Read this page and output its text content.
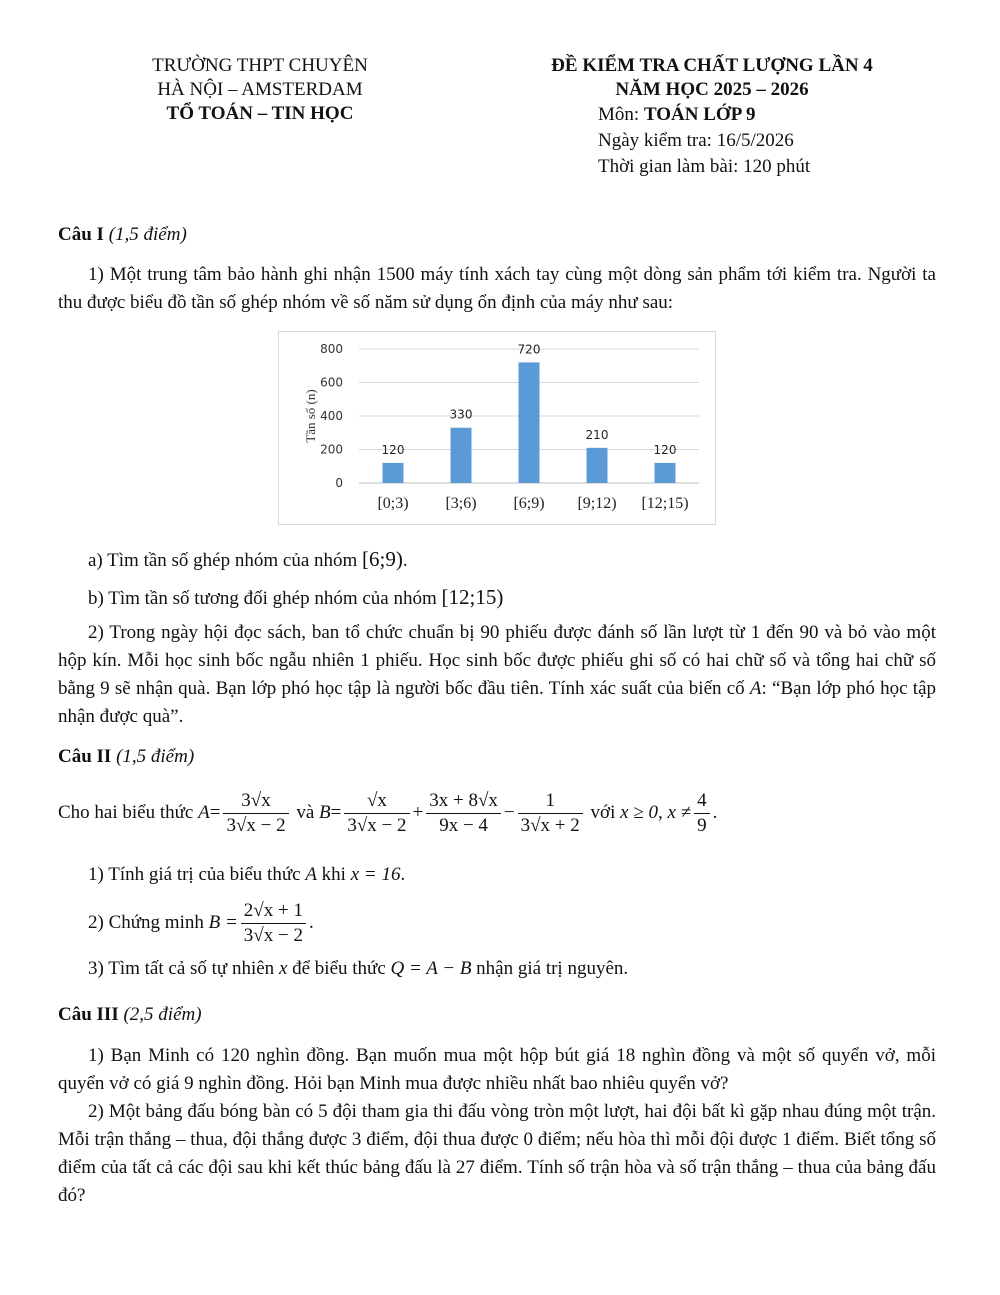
TRƯỜNG THPT CHUYÊN
HÀ NỘI – AMSTERDAM
TỔ TOÁN – TIN HỌC
ĐỀ KIỂM TRA CHẤT LƯỢNG LẦN 4
NĂM HỌC 2025 – 2026
Môn: TOÁN LỚP 9
Ngày kiểm tra: 16/5/2026
Thời gian làm bài: 120 phút
Câu I (1,5 điểm)
1) Một trung tâm bảo hành ghi nhận 1500 máy tính xách tay cùng một dòng sản phẩm tới kiểm tra. Người ta thu được biểu đồ tần số ghép nhóm về số năm sử dụng ổn định của máy như sau:
0
200
400
600
800
Tần số (n)
120
[0;3)
330
[3;6)
720
[6;9)
210
[9;12)
120
[12;15)
a) Tìm tần số ghép nhóm của nhóm [6;9).
b) Tìm tần số tương đối ghép nhóm của nhóm [12;15)
2) Trong ngày hội đọc sách, ban tổ chức chuẩn bị 90 phiếu được đánh số lần lượt từ 1 đến 90 và bỏ vào một hộp kín. Mỗi học sinh bốc ngẫu nhiên 1 phiếu. Học sinh bốc được phiếu ghi số có hai chữ số và tổng hai chữ số bằng 9 sẽ nhận quà. Bạn lớp phó học tập là người bốc đầu tiên. Tính xác suất của biến cố A: “Bạn lớp phó học tập nhận được quà”.
Câu II (1,5 điểm)
Cho hai biểu thức $A= \frac{3√x}{3√x - 2}$ và $B= \frac{√x}{3√x - 2} + \frac{3x + 8√x}{9x - 4} - \frac{1}{3√x + 2}$ với x ≥ 0, $x \ne \frac{4}{9}$ .
1) Tính giá trị của biểu thức A khi x = 16.
2) Chứng minh $B = \frac{2√x + 1}{3√x - 2}$ .
3) Tìm tất cả số tự nhiên x để biểu thức Q = A − B nhận giá trị nguyên.
Câu III (2,5 điểm)
1) Bạn Minh có 120 nghìn đồng. Bạn muốn mua một hộp bút giá 18 nghìn đồng và một số quyển vở, mỗi quyển vở có giá 9 nghìn đồng. Hỏi bạn Minh mua được nhiều nhất bao nhiêu quyển vở?
2) Một bảng đấu bóng bàn có 5 đội tham gia thi đấu vòng tròn một lượt, hai đội bất kì gặp nhau đúng một trận. Mỗi trận thắng – thua, đội thắng được 3 điểm, đội thua được 0 điểm; nếu hòa thì mỗi đội được 1 điểm. Biết tổng số điểm của tất cả các đội sau khi kết thúc bảng đấu là 27 điểm. Tính số trận hòa và số trận thắng – thua của bảng đấu đó?
